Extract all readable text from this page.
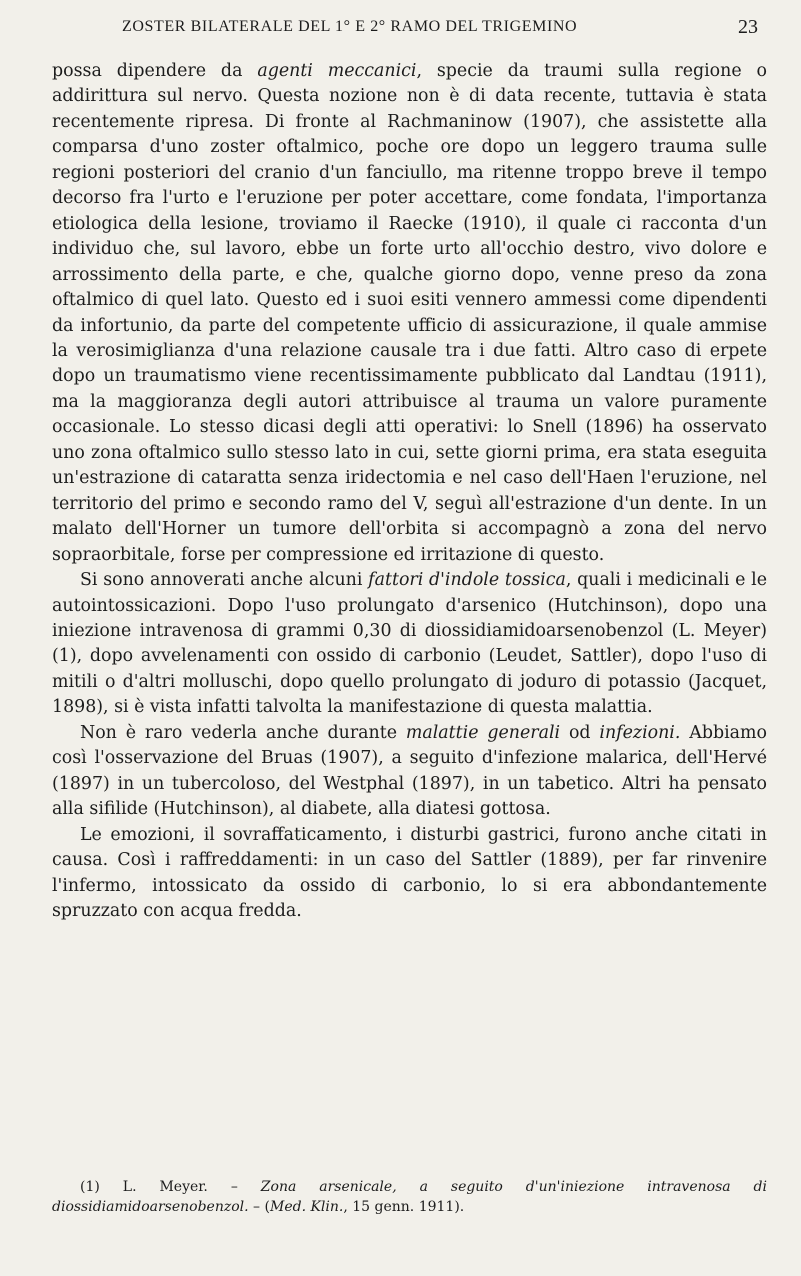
ZOSTER BILATERALE DEL 1° E 2° RAMO DEL TRIGEMINO	23

possa dipendere da agenti meccanici, specie da traumi sulla regione o addirittura sul nervo. Questa nozione non è di data recente, tuttavia è stata recentemente ripresa. Di fronte al Rachmaninow (1907), che assistette alla comparsa d'uno zoster oftalmico, poche ore dopo un leggero trauma sulle regioni posteriori del cranio d'un fanciullo, ma ritenne troppo breve il tempo decorso fra l'urto e l'eruzione per poter accettare, come fondata, l'importanza etiologica della lesione, troviamo il Raecke (1910), il quale ci racconta d'un individuo che, sul lavoro, ebbe un forte urto all'occhio destro, vivo dolore e arrossimento della parte, e che, qualche giorno dopo, venne preso da zona oftalmico di quel lato. Questo ed i suoi esiti vennero ammessi come dipendenti da infortunio, da parte del competente ufficio di assicurazione, il quale ammise la verosimiglianza d'una relazione causale tra i due fatti. Altro caso di erpete dopo un traumatismo viene recentissimamente pubblicato dal Landtau (1911), ma la maggioranza degli autori attribuisce al trauma un valore puramente occasionale. Lo stesso dicasi degli atti operativi: lo Snell (1896) ha osservato uno zona oftalmico sullo stesso lato in cui, sette giorni prima, era stata eseguita un'estrazione di cataratta senza iridectomia e nel caso dell'Haen l'eruzione, nel territorio del primo e secondo ramo del V, seguì all'estrazione d'un dente. In un malato dell'Horner un tumore dell'orbita si accompagnò a zona del nervo sopraorbitale, forse per compressione ed irritazione di questo.

Si sono annoverati anche alcuni fattori d'indole tossica, quali i medicinali e le autointossicazioni. Dopo l'uso prolungato d'arsenico (Hutchinson), dopo una iniezione intravenosa di grammi 0,30 di diossidiamidoarsenobenzol (L. Meyer) (1), dopo avvelenamenti con ossido di carbonio (Leudet, Sattler), dopo l'uso di mitili o d'altri molluschi, dopo quello prolungato di joduro di potassio (Jacquet, 1898), si è vista infatti talvolta la manifestazione di questa malattia.

Non è raro vederla anche durante malattie generali od infezioni. Abbiamo così l'osservazione del Bruas (1907), a seguito d'infezione malarica, dell'Hervé (1897) in un tubercoloso, del Westphal (1897), in un tabetico. Altri ha pensato alla sifilide (Hutchinson), al diabete, alla diatesi gottosa.

Le emozioni, il sovraffaticamento, i disturbi gastrici, furono anche citati in causa. Così i raffreddamenti: in un caso del Sattler (1889), per far rinvenire l'infermo, intossicato da ossido di carbonio, lo si era abbondantemente spruzzato con acqua fredda.

(1) L. Meyer. – Zona arsenicale, a seguito d'un'iniezione intravenosa di diossidiamidoarsenobenzol. – (Med. Klin., 15 genn. 1911).
